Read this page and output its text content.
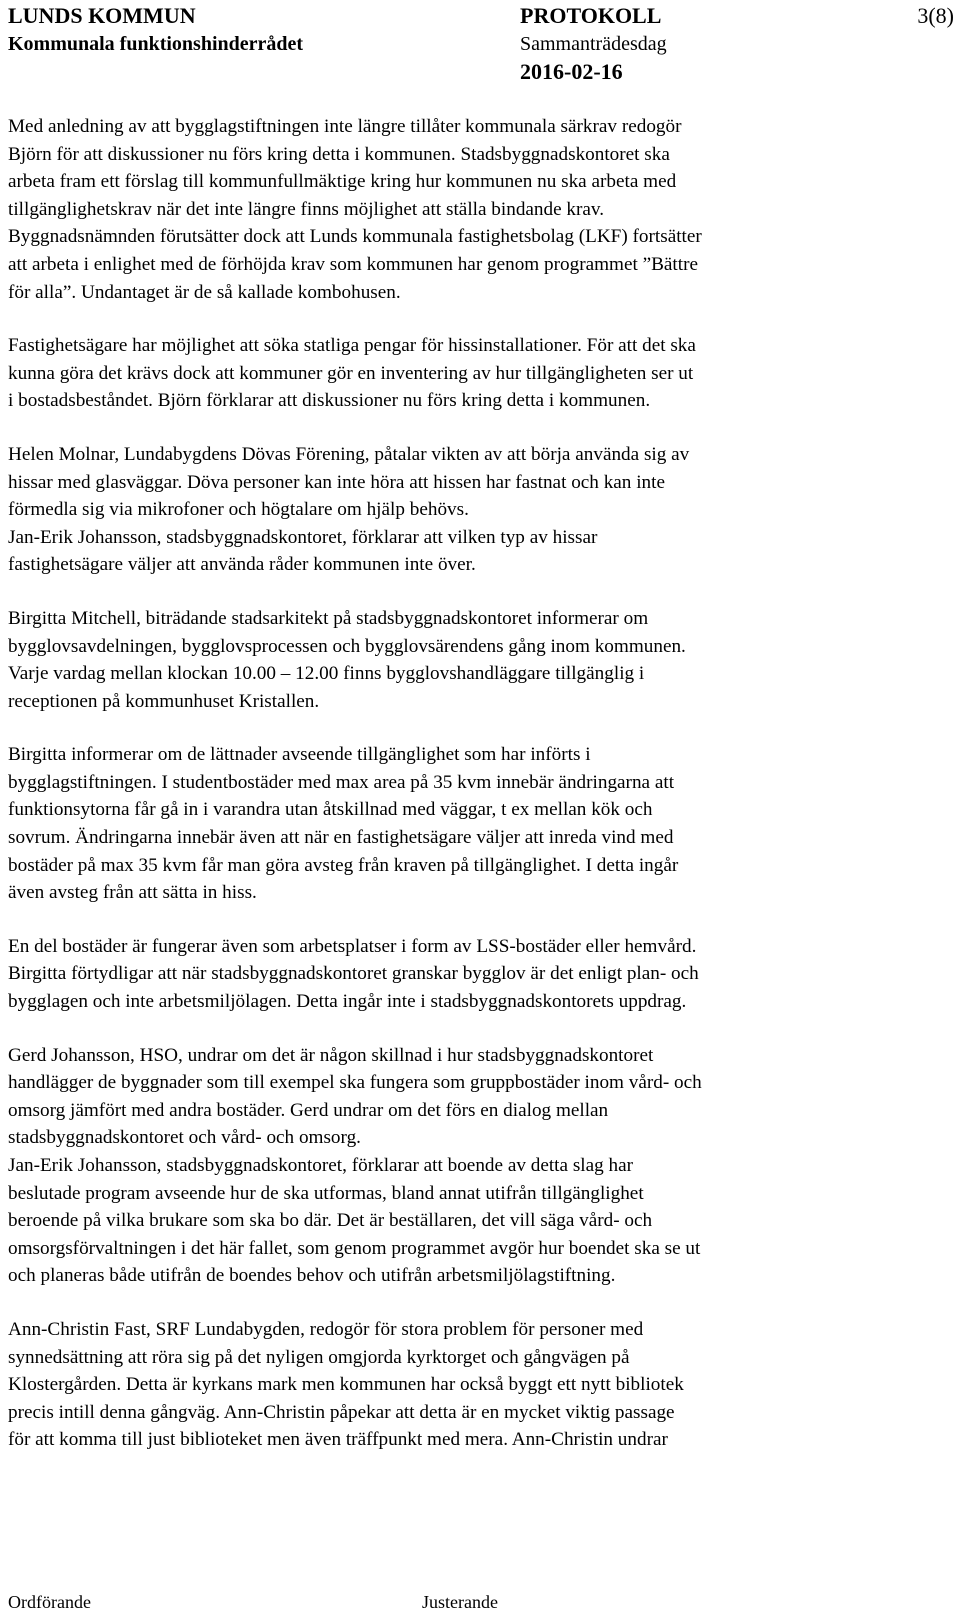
LUNDS KOMMUN
Kommunala funktionshinderrådet
PROTOKOLL
Sammanträdesdag
2016-02-16
3(8)

Med anledning av att bygglagstiftningen inte längre tillåter kommunala särkrav redogör
Björn för att diskussioner nu förs kring detta i kommunen. Stadsbyggnadskontoret ska
arbeta fram ett förslag till kommunfullmäktige kring hur kommunen nu ska arbeta med
tillgänglighetskrav när det inte längre finns möjlighet att ställa bindande krav.
Byggnadsnämnden förutsätter dock att Lunds kommunala fastighetsbolag (LKF) fortsätter
att arbeta i enlighet med de förhöjda krav som kommunen har genom programmet ”Bättre
för alla”. Undantaget är de så kallade kombohusen.

Fastighetsägare har möjlighet att söka statliga pengar för hissinstallationer. För att det ska
kunna göra det krävs dock att kommuner gör en inventering av hur tillgängligheten ser ut
i bostadsbeståndet. Björn förklarar att diskussioner nu förs kring detta i kommunen.

Helen Molnar, Lundabygdens Dövas Förening, påtalar vikten av att börja använda sig av
hissar med glasväggar. Döva personer kan inte höra att hissen har fastnat och kan inte
förmedla sig via mikrofoner och högtalare om hjälp behövs.
Jan-Erik Johansson, stadsbyggnadskontoret, förklarar att vilken typ av hissar
fastighetsägare väljer att använda råder kommunen inte över.

Birgitta Mitchell, biträdande stadsarkitekt på stadsbyggnadskontoret informerar om
bygglovsavdelningen, bygglovsprocessen och bygglovsärendens gång inom kommunen.
Varje vardag mellan klockan 10.00 – 12.00 finns bygglovshandläggare tillgänglig i
receptionen på kommunhuset Kristallen.

Birgitta informerar om de lättnader avseende tillgänglighet som har införts i
bygglagstiftningen. I studentbostäder med max area på 35 kvm innebär ändringarna att
funktionsytorna får gå in i varandra utan åtskillnad med väggar, t ex mellan kök och
sovrum. Ändringarna innebär även att när en fastighetsägare väljer att inreda vind med
bostäder på max 35 kvm får man göra avsteg från kraven på tillgänglighet. I detta ingår
även avsteg från att sätta in hiss.

En del bostäder är fungerar även som arbetsplatser i form av LSS-bostäder eller hemvård.
Birgitta förtydligar att när stadsbyggnadskontoret granskar bygglov är det enligt plan- och
bygglagen och inte arbetsmiljölagen. Detta ingår inte i stadsbyggnadskontorets uppdrag.

Gerd Johansson, HSO, undrar om det är någon skillnad i hur stadsbyggnadskontoret
handlägger de byggnader som till exempel ska fungera som gruppbostäder inom vård- och
omsorg jämfört med andra bostäder. Gerd undrar om det förs en dialog mellan
stadsbyggnadskontoret och vård- och omsorg.
Jan-Erik Johansson, stadsbyggnadskontoret, förklarar att boende av detta slag har
beslutade program avseende hur de ska utformas, bland annat utifrån tillgänglighet
beroende på vilka brukare som ska bo där. Det är beställaren, det vill säga vård- och
omsorgsförvaltningen i det här fallet, som genom programmet avgör hur boendet ska se ut
och planeras både utifrån de boendes behov och utifrån arbetsmiljölagstiftning.

Ann-Christin Fast, SRF Lundabygden, redogör för stora problem för personer med
synnedsättning att röra sig på det nyligen omgjorda kyrktorget och gångvägen på
Klostergården. Detta är kyrkans mark men kommunen har också byggt ett nytt bibliotek
precis intill denna gångväg. Ann-Christin påpekar att detta är en mycket viktig passage
för att komma till just biblioteket men även träffpunkt med mera. Ann-Christin undrar

Ordförande	Justerande
